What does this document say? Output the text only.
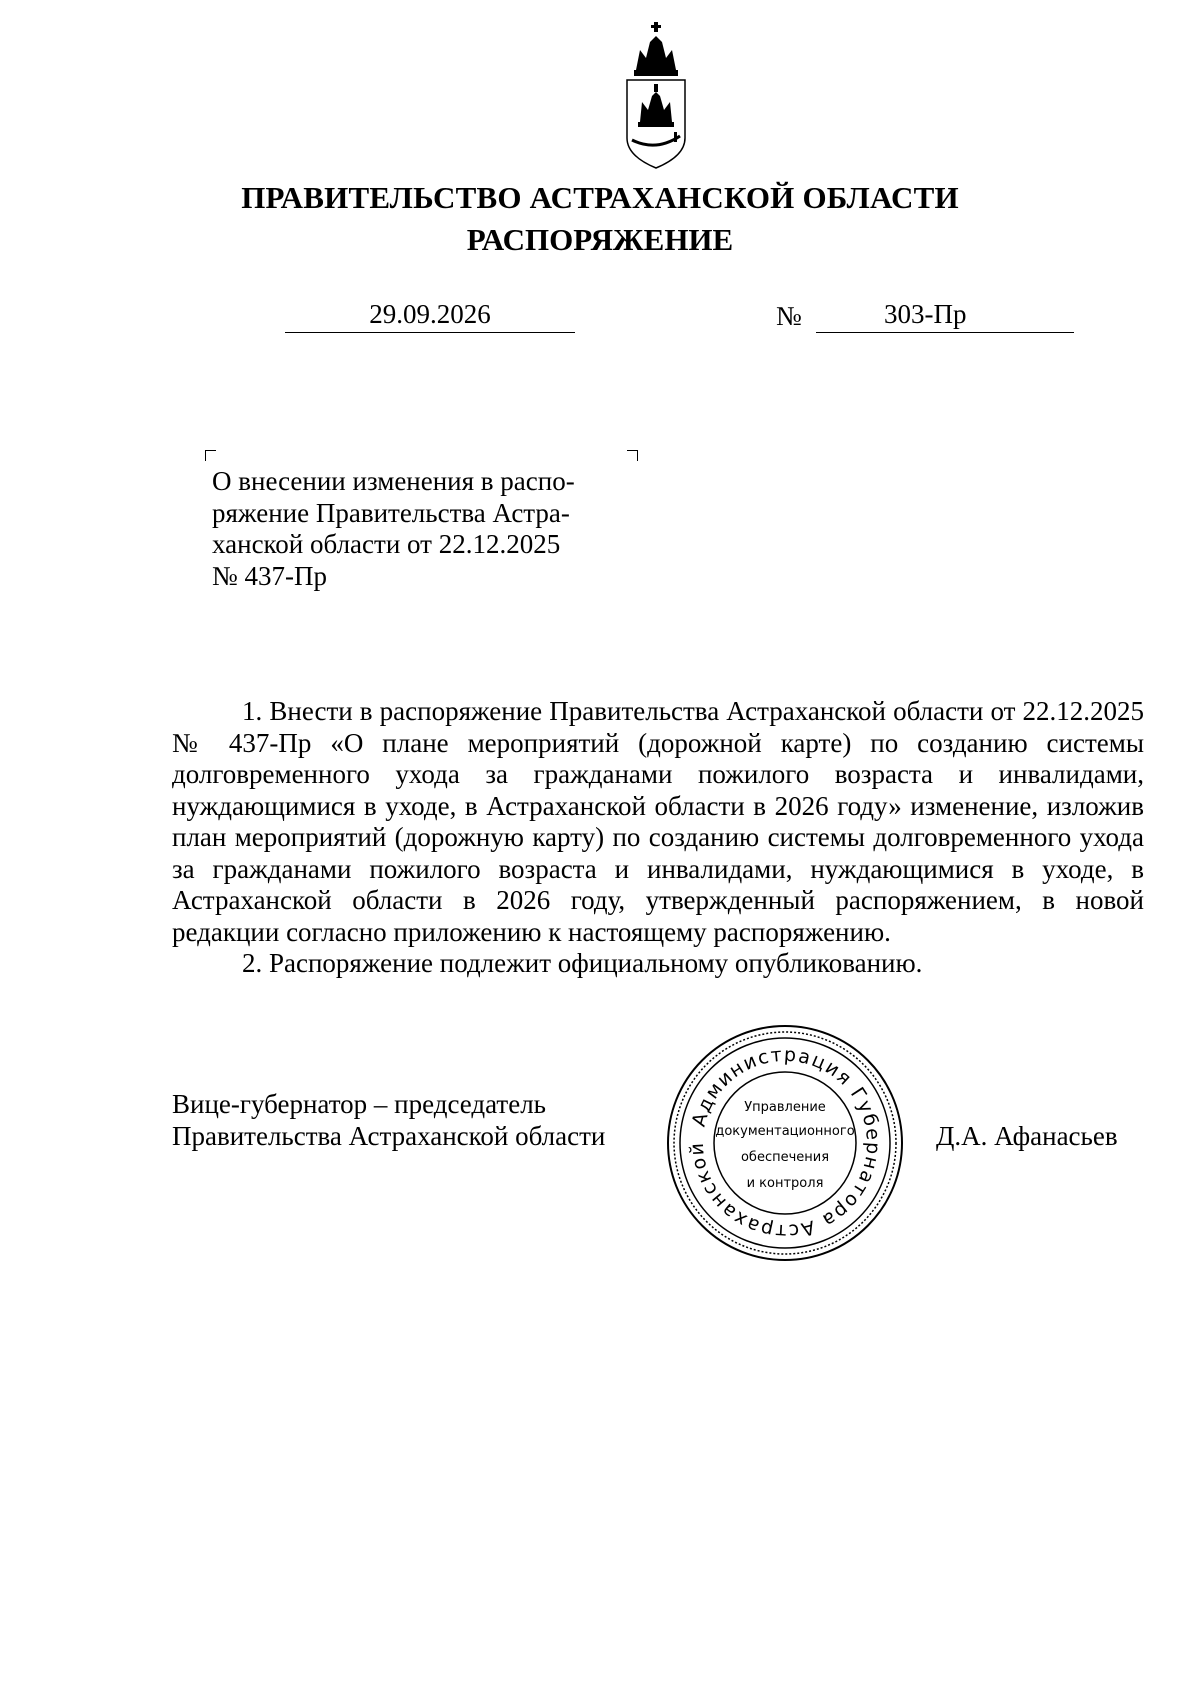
ПРАВИТЕЛЬСТВО АСТРАХАНСКОЙ ОБЛАСТИ
РАСПОРЯЖЕНИЕ
29.09.2026	№	303-Пр
О внесении изменения в распо-
ряжение Правительства Астра-
ханской области от 22.12.2025
№ 437-Пр

1. Внести в распоряжение Правительства Астраханской области от 22.12.2025 № 437-Пр «О плане мероприятий (дорожной карте) по созданию системы долговременного ухода за гражданами пожилого возраста и инвалидами, нуждающимися в уходе, в Астраханской области в 2026 году» изменение, изложив план мероприятий (дорожную карту) по созданию системы долговременного ухода за гражданами пожилого возраста и инвалидами, нуждающимися в уходе, в Астраханской области в 2026 году, утвержденный распоряжением, в новой редакции согласно приложению к настоящему распоряжению.

2. Распоряжение подлежит официальному опубликованию.

Вице-губернатор – председатель
Правительства Астраханской области
Администрация Губернатора Астраханской
Управление
документационного
обеспечения
и контроля
Д.А. Афанасьев
